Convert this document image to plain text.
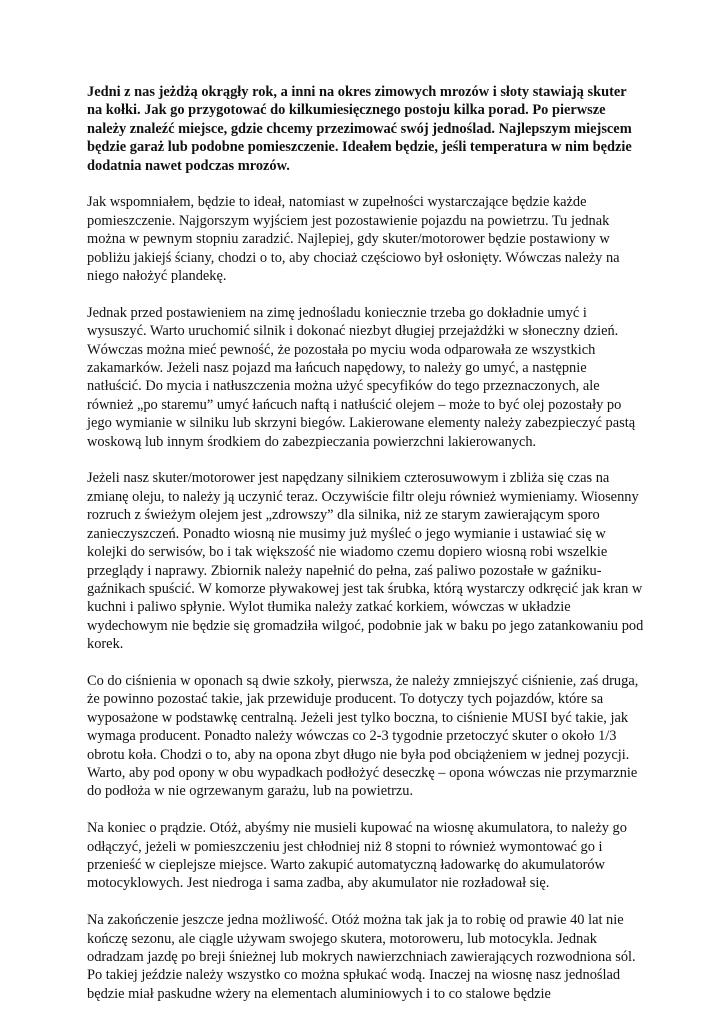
Jedni z nas jeżdżą okrągły rok, a inni na okres zimowych mrozów i słoty stawiają skuter na kołki. Jak go przygotować do kilkumiesięcznego postoju kilka porad. Po pierwsze należy znaleźć miejsce, gdzie chcemy przezimować swój jednoślad. Najlepszym miejscem będzie garaż lub podobne pomieszczenie. Ideałem będzie, jeśli temperatura w nim będzie dodatnia nawet podczas mrozów.

Jak wspomniałem, będzie to ideał, natomiast w zupełności wystarczające będzie każde pomieszczenie. Najgorszym wyjściem jest pozostawienie pojazdu na powietrzu. Tu jednak można w pewnym stopniu zaradzić. Najlepiej, gdy skuter/motorower będzie postawiony w pobliżu jakiejś ściany, chodzi o to, aby chociaż częściowo był osłonięty. Wówczas należy na niego nałożyć plandekę.

Jednak przed postawieniem na zimę jednośladu koniecznie trzeba go dokładnie umyć i wysuszyć. Warto uruchomić silnik i dokonać niezbyt długiej przejażdżki w słoneczny dzień. Wówczas można mieć pewność, że pozostała po myciu woda odparowała ze wszystkich zakamarków. Jeżeli nasz pojazd ma łańcuch napędowy, to należy go umyć, a następnie natłuścić. Do mycia i natłuszczenia można użyć specyfików do tego przeznaczonych, ale również „po staremu” umyć łańcuch naftą i natłuścić olejem – może to być olej pozostały po jego wymianie w silniku lub skrzyni biegów. Lakierowane elementy należy zabezpieczyć pastą woskową lub innym środkiem do zabezpieczania powierzchni lakierowanych.

Jeżeli nasz skuter/motorower jest napędzany silnikiem czterosuwowym i zbliża się czas na zmianę oleju, to należy ją uczynić teraz. Oczywiście filtr oleju również wymieniamy. Wiosenny rozruch z świeżym olejem jest „zdrowszy” dla silnika, niż ze starym zawierającym sporo zanieczyszczeń. Ponadto wiosną nie musimy już myśleć o jego wymianie i ustawiać się w kolejki do serwisów, bo i tak większość nie wiadomo czemu dopiero wiosną robi wszelkie przeglądy i naprawy. Zbiornik należy napełnić do pełna, zaś paliwo pozostałe w gaźniku-gaźnikach spuścić. W komorze pływakowej jest tak śrubka, którą wystarczy odkręcić jak kran w kuchni i paliwo spłynie. Wylot tłumika należy zatkać korkiem, wówczas w układzie wydechowym nie będzie się gromadziła wilgoć, podobnie jak w baku po jego zatankowaniu pod korek.

Co do ciśnienia w oponach są dwie szkoły, pierwsza, że należy zmniejszyć ciśnienie, zaś druga, że powinno pozostać takie, jak przewiduje producent. To dotyczy tych pojazdów, które sa wyposażone w podstawkę centralną. Jeżeli jest tylko boczna, to ciśnienie MUSI być takie, jak wymaga producent. Ponadto należy wówczas co 2-3 tygodnie przetoczyć skuter o około 1/3 obrotu koła. Chodzi o to, aby na opona zbyt długo nie była pod obciążeniem w jednej pozycji. Warto, aby pod opony w obu wypadkach podłożyć deseczkę – opona wówczas nie przymarznie do podłoża w nie ogrzewanym garażu, lub na powietrzu.

Na koniec o prądzie. Otóż, abyśmy nie musieli kupować na wiosnę akumulatora, to należy go odłączyć, jeżeli w pomieszczeniu jest chłodniej niż 8 stopni to również wymontować go i przenieść w cieplejsze miejsce. Warto zakupić automatyczną ładowarkę do akumulatorów motocyklowych. Jest niedroga i sama zadba, aby akumulator nie rozładował się.

Na zakończenie jeszcze jedna możliwość. Otóż można tak jak ja to robię od prawie 40 lat nie kończę sezonu, ale ciągle używam swojego skutera, motoroweru, lub motocykla. Jednak odradzam jazdę po breji śnieżnej lub mokrych nawierzchniach zawierających rozwodniona sól. Po takiej jeździe należy wszystko co można spłukać wodą. Inaczej na wiosnę nasz jednoślad będzie miał paskudne wżery na elementach aluminiowych i to co stalowe będzie
